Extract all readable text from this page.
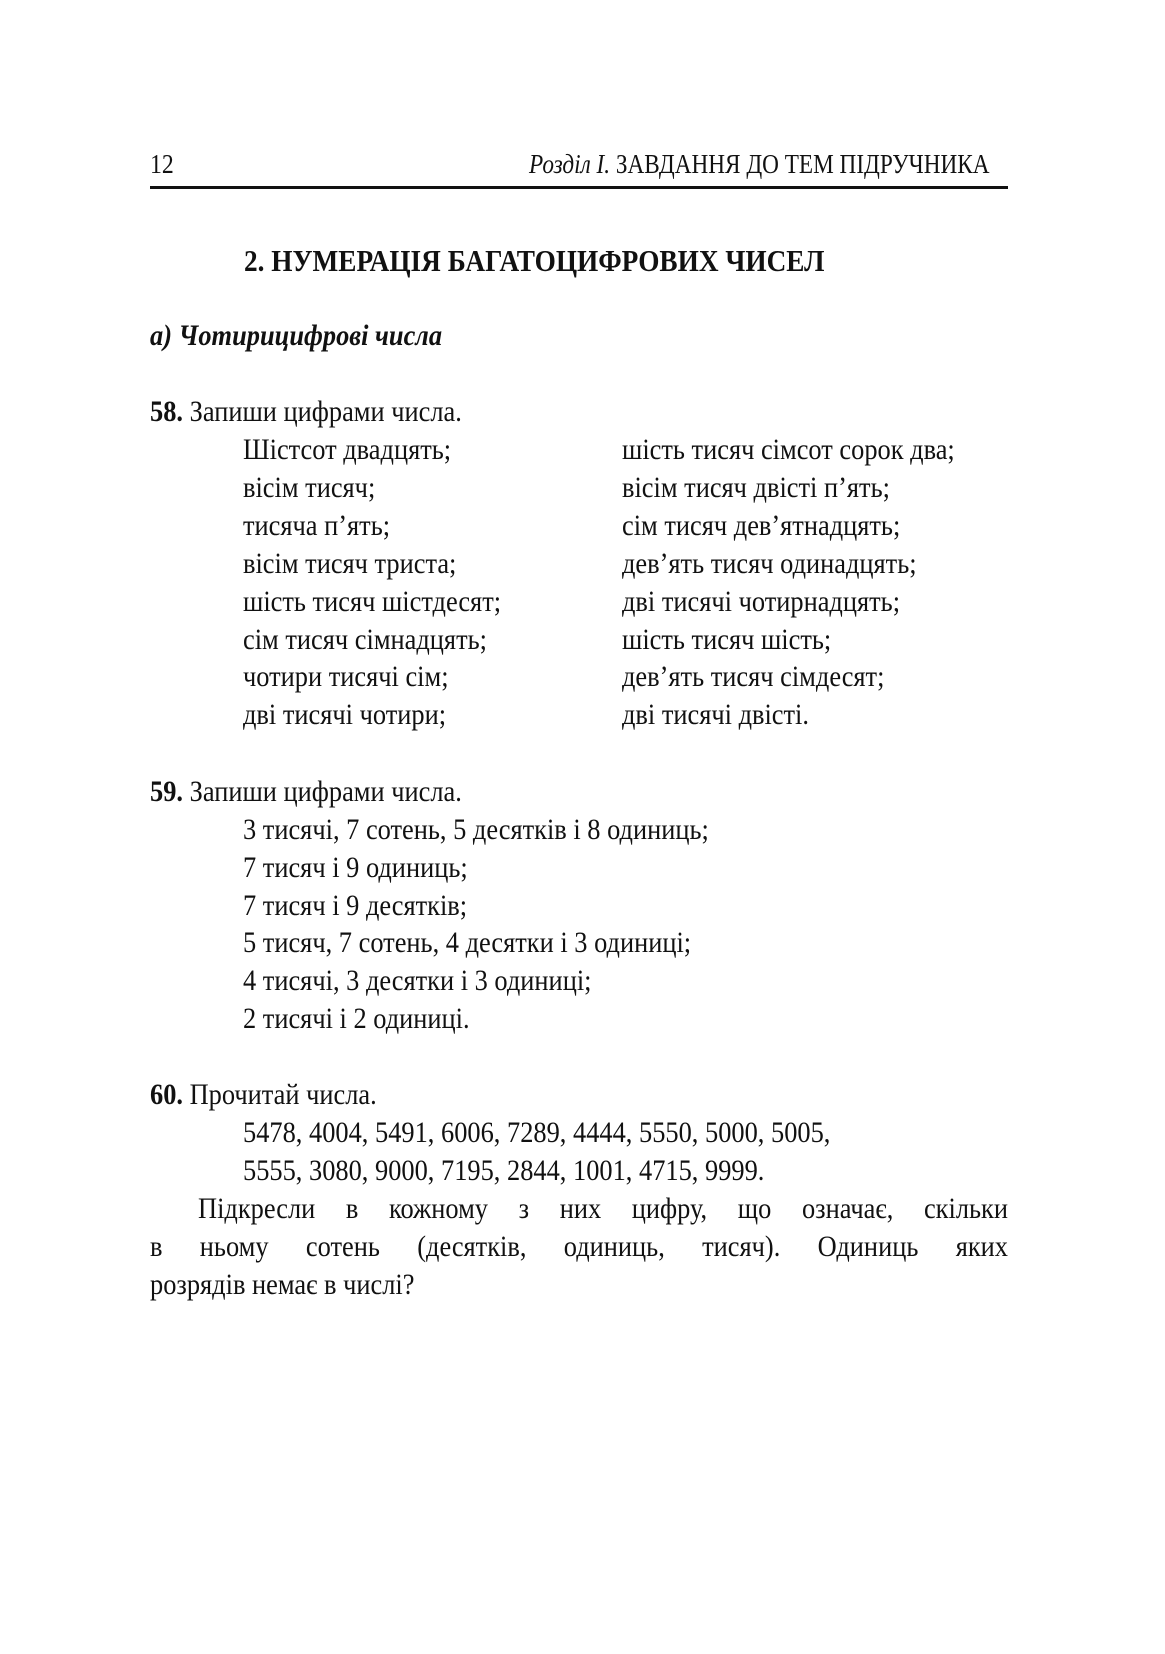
12	Розділ І. ЗАВДАННЯ ДО ТЕМ ПІДРУЧНИКА
2. НУМЕРАЦІЯ БАГАТОЦИФРОВИХ ЧИСЕЛ
а) Чотирицифрові числа
58. Запиши цифрами числа.
Шістсот двадцять;
вісім тисяч;
тисяча п’ять;
вісім тисяч триста;
шість тисяч шістдесят;
сім тисяч сімнадцять;
чотири тисячі сім;
дві тисячі чотири;
шість тисяч сімсот сорок два;
вісім тисяч двісті п’ять;
сім тисяч дев’ятнадцять;
дев’ять тисяч одинадцять;
дві тисячі чотирнадцять;
шість тисяч шість;
дев’ять тисяч сімдесят;
дві тисячі двісті.
59. Запиши цифрами числа.
3 тисячі, 7 сотень, 5 десятків і 8 одиниць;
7 тисяч і 9 одиниць;
7 тисяч і 9 десятків;
5 тисяч, 7 сотень, 4 десятки і 3 одиниці;
4 тисячі, 3 десятки і 3 одиниці;
2 тисячі і 2 одиниці.
60. Прочитай числа.
5478, 4004, 5491, 6006, 7289, 4444, 5550, 5000, 5005,
5555, 3080, 9000, 7195, 2844, 1001, 4715, 9999.
Підкресли в кожному з них цифру, що означає, скільки
в ньому сотень (десятків, одиниць, тисяч). Одиниць яких
розрядів немає в числі?
